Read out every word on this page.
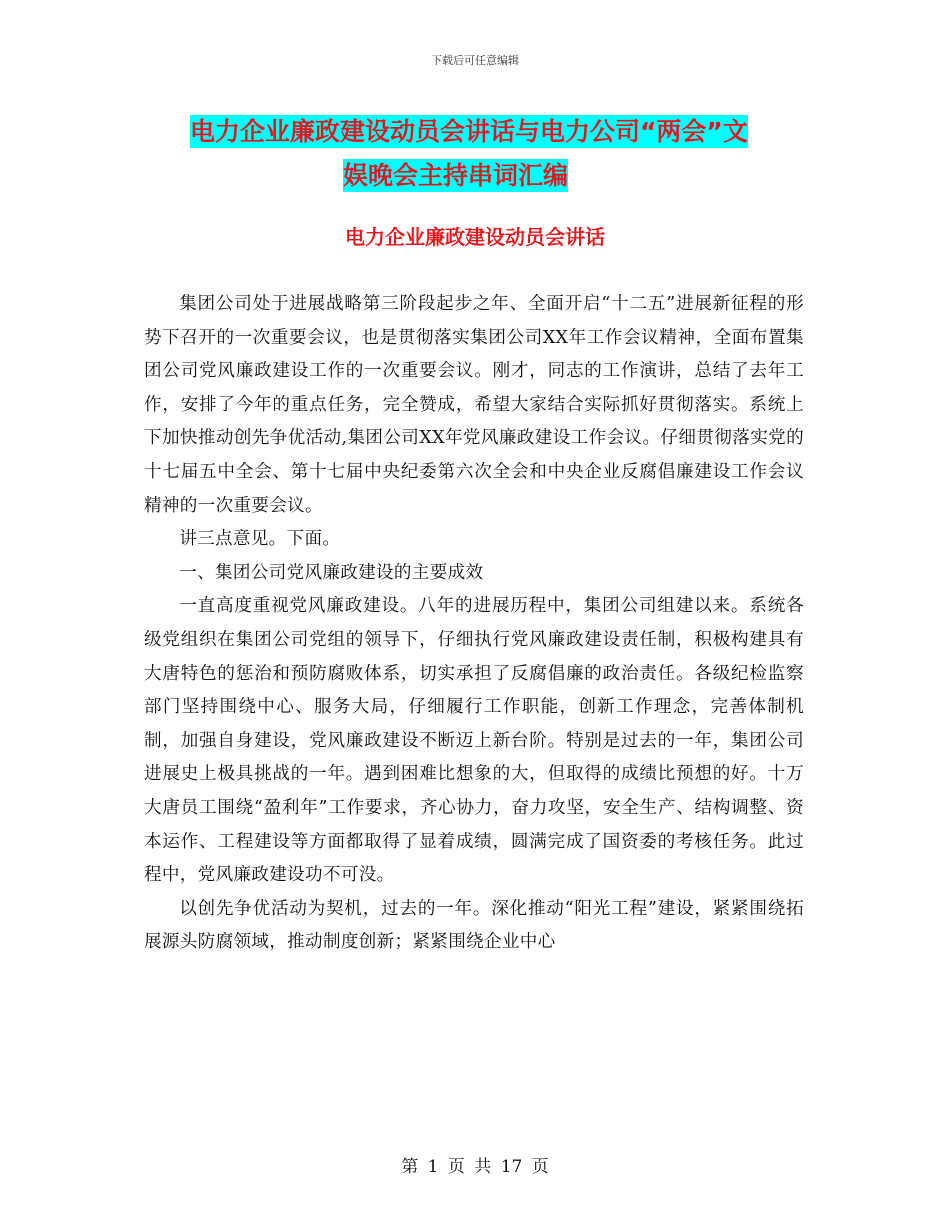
下载后可任意编辑
电力企业廉政建设动员会讲话与电力公司“两会”文
娱晚会主持串词汇编
电力企业廉政建设动员会讲话

集团公司处于进展战略第三阶段起步之年、全面开启“十二五”进展新征程的形势下召开的一次重要会议，也是贯彻落实集团公司XX年工作会议精神，全面布置集团公司党风廉政建设工作的一次重要会议。刚才，同志的工作演讲，总结了去年工作，安排了今年的重点任务，完全赞成，希望大家结合实际抓好贯彻落实。系统上下加快推动创先争优活动,集团公司XX年党风廉政建设工作会议。仔细贯彻落实党的十七届五中全会、第十七届中央纪委第六次全会和中央企业反腐倡廉建设工作会议精神的一次重要会议。

讲三点意见。下面。

一、集团公司党风廉政建设的主要成效

一直高度重视党风廉政建设。八年的进展历程中，集团公司组建以来。系统各级党组织在集团公司党组的领导下，仔细执行党风廉政建设责任制，积极构建具有大唐特色的惩治和预防腐败体系，切实承担了反腐倡廉的政治责任。各级纪检监察部门坚持围绕中心、服务大局，仔细履行工作职能，创新工作理念，完善体制机制，加强自身建设，党风廉政建设不断迈上新台阶。特别是过去的一年，集团公司进展史上极具挑战的一年。遇到困难比想象的大，但取得的成绩比预想的好。十万大唐员工围绕“盈利年”工作要求，齐心协力，奋力攻坚，安全生产、结构调整、资本运作、工程建设等方面都取得了显着成绩，圆满完成了国资委的考核任务。此过程中，党风廉政建设功不可没。

以创先争优活动为契机，过去的一年。深化推动“阳光工程”建设，紧紧围绕拓展源头防腐领域，推动制度创新；紧紧围绕企业中心

第 1 页 共 17 页
